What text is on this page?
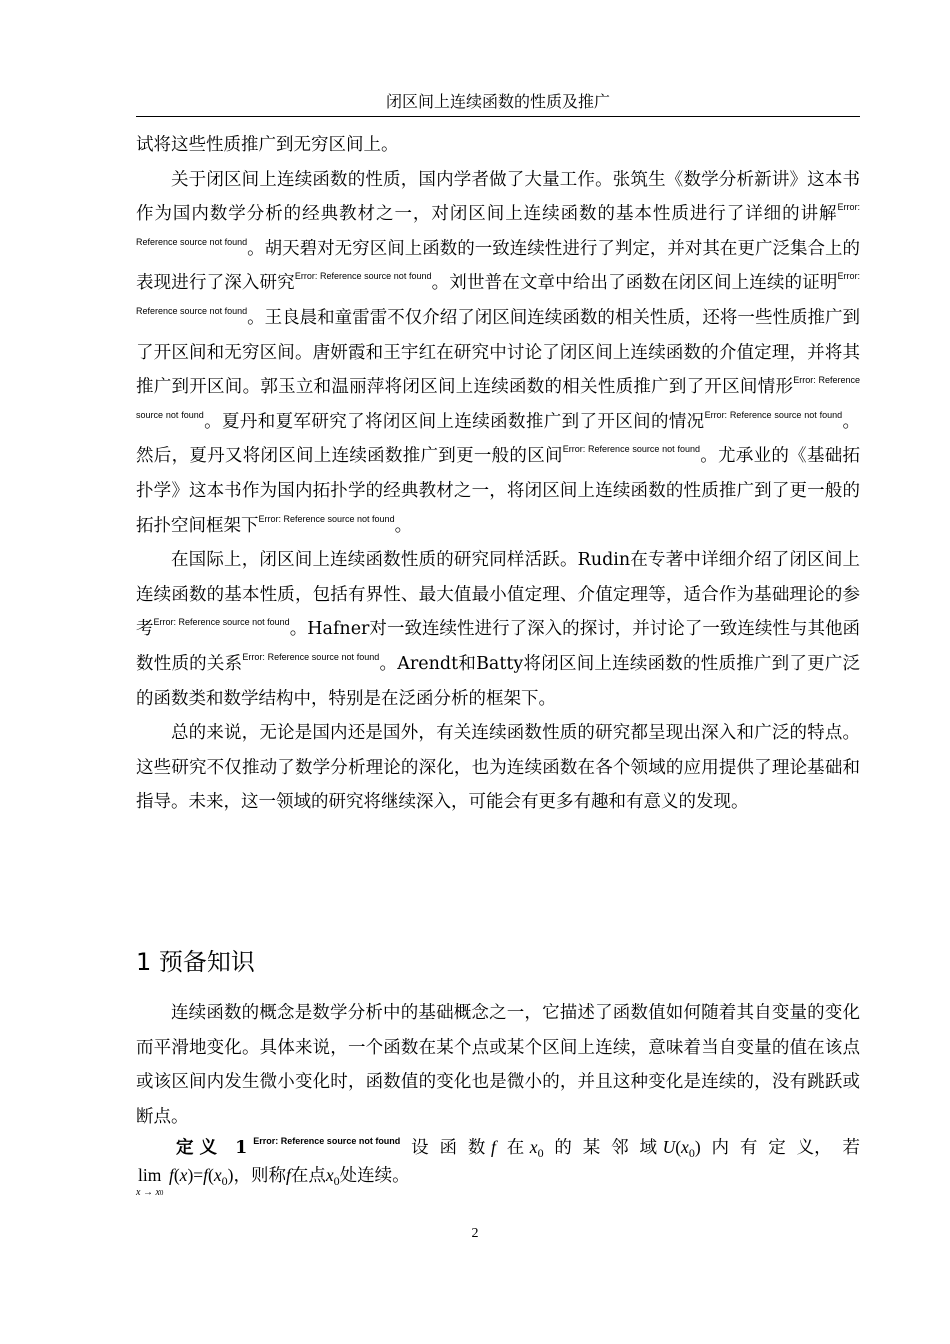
闭区间上连续函数的性质及推广

试将这些性质推广到无穷区间上。

关于闭区间上连续函数的性质，国内学者做了大量工作。张筑生《数学分析新讲》这本书作为国内数学分析的经典教材之一，对闭区间上连续函数的基本性质进行了详细的讲解$^{Error: Reference source not found}$。胡天碧对无穷区间上函数的一致连续性进行了判定，并对其在更广泛集合上的表现进行了深入研究$^{Error: Reference source not found}$。刘世普在文章中给出了函数在闭区间上连续的证明$^{Error: Reference source not found}$。王良晨和童雷雷不仅介绍了闭区间连续函数的相关性质，还将一些性质推广到了开区间和无穷区间。唐妍霞和王宇红在研究中讨论了闭区间上连续函数的介值定理，并将其推广到开区间。郭玉立和温丽萍将闭区间上连续函数的相关性质推广到了开区间情形$^{Error: Reference source not found}$。夏丹和夏军研究了将闭区间上连续函数推广到了开区间的情况$^{Error: Reference source not found}$。然后，夏丹又将闭区间上连续函数推广到更一般的区间$^{Error: Reference source not found}$。尤承业的《基础拓扑学》这本书作为国内拓扑学的经典教材之一，将闭区间上连续函数的性质推广到了更一般的拓扑空间框架下$^{Error: Reference source not found}$。

在国际上，闭区间上连续函数性质的研究同样活跃。Rudin在专著中详细介绍了闭区间上连续函数的基本性质，包括有界性、最大值最小值定理、介值定理等，适合作为基础理论的参考$^{Error: Reference source not found}$。Hafner对一致连续性进行了深入的探讨，并讨论了一致连续性与其他函数性质的关系$^{Error: Reference source not found}$。Arendt和Batty将闭区间上连续函数的性质推广到了更广泛的函数类和数学结构中，特别是在泛函分析的框架下。

总的来说，无论是国内还是国外，有关连续函数性质的研究都呈现出深入和广泛的特点。这些研究不仅推动了数学分析理论的深化，也为连续函数在各个领域的应用提供了理论基础和指导。未来，这一领域的研究将继续深入，可能会有更多有趣和有意义的发现。

1 预备知识

连续函数的概念是数学分析中的基础概念之一，它描述了函数值如何随着其自变量的变化而平滑地变化。具体来说，一个函数在某个点或某个区间上连续，意味着当自变量的值在该点或该区间内发生微小变化时，函数值的变化也是微小的，并且这种变化是连续的，没有跳跃或断点。

定义 1$^{Error: Reference source not found}$ 设 函 数 f 在 $x_0$ 的 某 邻 域 $U(x_0)$ 内 有 定 义， 若
lim
x → x0
$f(x)=f(x_0)$，则称f在点$x_0$处连续。
2
